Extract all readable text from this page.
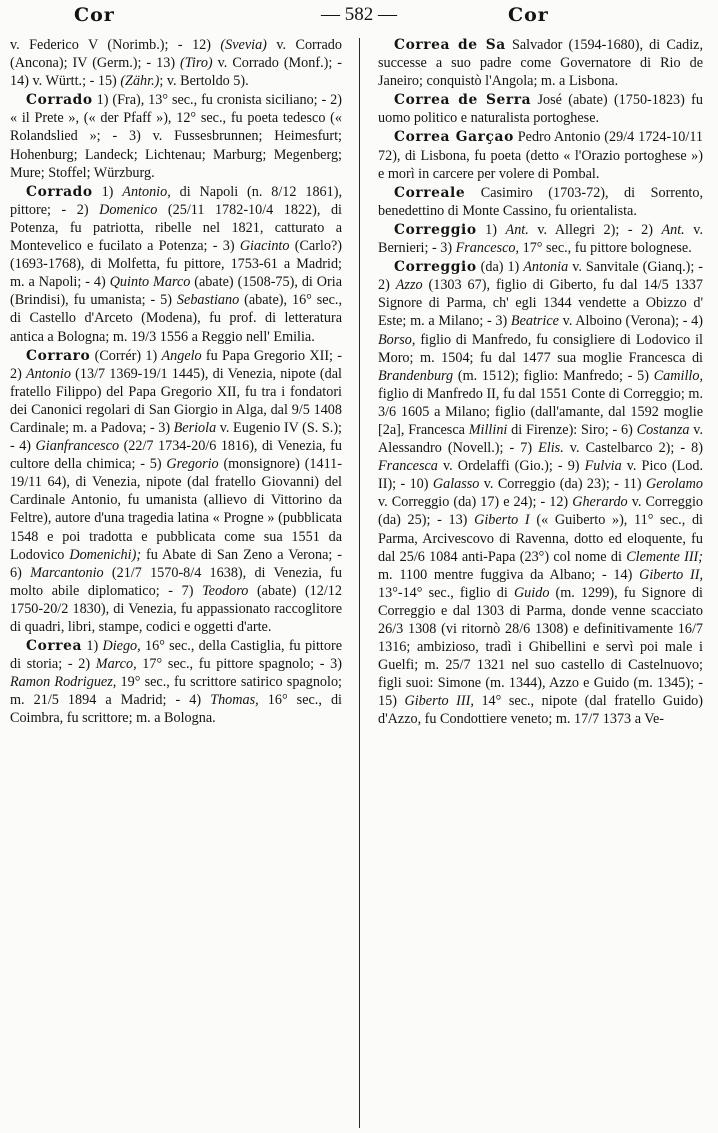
Cor	— 582 —	Cor

v. Federico V (Norimb.); - 12) (Svevia) v. Corrado (Ancona); IV (Germ.); - 13) (Tiro) v. Corrado (Monf.); - 14) v. Württ.; - 15) (Zähr.); v. Bertoldo 5).

Corrado 1) (Fra), 13° sec., fu cronista siciliano; - 2) « il Prete », (« der Pfaff »), 12° sec., fu poeta tedesco (« Rolandslied »; - 3) v. Fussesbrunnen; Heimesfurt; Hohenburg; Landeck; Lichtenau; Marburg; Megenberg; Mure; Stoffel; Würzburg.

Corrado 1) Antonio, di Napoli (n. 8/12 1861), pittore; - 2) Domenico (25/11 1782-10/4 1822), di Potenza, fu patriotta, ribelle nel 1821, catturato a Montevelico e fucilato a Potenza; - 3) Giacinto (Carlo?) (1693-1768), di Molfetta, fu pittore, 1753-61 a Madrid; m. a Napoli; - 4) Quinto Marco (abate) (1508-75), di Oria (Brindisi), fu umanista; - 5) Sebastiano (abate), 16° sec., di Castello d'Arceto (Modena), fu prof. di letteratura antica a Bologna; m. 19/3 1556 a Reggio nell' Emilia.

Corraro (Corrér) 1) Angelo fu Papa Gregorio XII; - 2) Antonio (13/7 1369-19/1 1445), di Venezia, nipote (dal fratello Filippo) del Papa Gregorio XII, fu tra i fondatori dei Canonici regolari di San Giorgio in Alga, dal 9/5 1408 Cardinale; m. a Padova; - 3) Beriola v. Eugenio IV (S. S.); - 4) Gianfrancesco (22/7 1734-20/6 1816), di Venezia, fu cultore della chimica; - 5) Gregorio (monsignore) (1411-19/11 64), di Venezia, nipote (dal fratello Giovanni) del Cardinale Antonio, fu umanista (allievo di Vittorino da Feltre), autore d'una tragedia latina « Progne » (pubblicata 1548 e poi tradotta e pubblicata come sua 1551 da Lodovico Domenichi); fu Abate di San Zeno a Verona; - 6) Marcantonio (21/7 1570-8/4 1638), di Venezia, fu molto abile diplomatico; - 7) Teodoro (abate) (12/12 1750-20/2 1830), di Venezia, fu appassionato raccoglitore di quadri, libri, stampe, codici e oggetti d'arte.

Correa 1) Diego, 16° sec., della Castiglia, fu pittore di storia; - 2) Marco, 17° sec., fu pittore spagnolo; - 3) Ramon Rodriguez, 19° sec., fu scrittore satirico spagnolo; m. 21/5 1894 a Madrid; - 4) Thomas, 16° sec., di Coimbra, fu scrittore; m. a Bologna.

Correa de Sa Salvador (1594-1680), di Cadiz, successe a suo padre come Governatore di Rio de Janeiro; conquistò l'Angola; m. a Lisbona.

Correa de Serra José (abate) (1750-1823) fu uomo politico e naturalista portoghese.

Correa Garçao Pedro Antonio (29/4 1724-10/11 72), di Lisbona, fu poeta (detto « l'Orazio portoghese ») e morì in carcere per volere di Pombal.

Correale Casimiro (1703-72), di Sorrento, benedettino di Monte Cassino, fu orientalista.

Correggio 1) Ant. v. Allegri 2); - 2) Ant. v. Bernieri; - 3) Francesco, 17° sec., fu pittore bolognese.

Correggio (da) 1) Antonia v. Sanvitale (Gianq.); - 2) Azzo (1303 67), figlio di Giberto, fu dal 14/5 1337 Signore di Parma, ch' egli 1344 vendette a Obizzo d' Este; m. a Milano; - 3) Beatrice v. Alboino (Verona); - 4) Borso, figlio di Manfredo, fu consigliere di Lodovico il Moro; m. 1504; fu dal 1477 sua moglie Francesca di Brandenburg (m. 1512); figlio: Manfredo; - 5) Camillo, figlio di Manfredo II, fu dal 1551 Conte di Correggio; m. 3/6 1605 a Milano; figlio (dall'amante, dal 1592 moglie [2a], Francesca Millini di Firenze): Siro; - 6) Costanza v. Alessandro (Novell.); - 7) Elis. v. Castelbarco 2); - 8) Francesca v. Ordelaffi (Gio.); - 9) Fulvia v. Pico (Lod. II); - 10) Galasso v. Correggio (da) 23); - 11) Gerolamo v. Correggio (da) 17) e 24); - 12) Gherardo v. Correggio (da) 25); - 13) Giberto I (« Guiberto »), 11° sec., di Parma, Arcivescovo di Ravenna, dotto ed eloquente, fu dal 25/6 1084 anti-Papa (23°) col nome di Clemente III; m. 1100 mentre fuggiva da Albano; - 14) Giberto II, 13°-14° sec., figlio di Guido (m. 1299), fu Signore di Correggio e dal 1303 di Parma, donde venne scacciato 26/3 1308 (vi ritornò 28/6 1308) e definitivamente 16/7 1316; ambizioso, tradì i Ghibellini e servì poi male i Guelfi; m. 25/7 1321 nel suo castello di Castelnuovo; figli suoi: Simone (m. 1344), Azzo e Guido (m. 1345); - 15) Giberto III, 14° sec., nipote (dal fratello Guido) d'Azzo, fu Condottiere veneto; m. 17/7 1373 a Ve-
